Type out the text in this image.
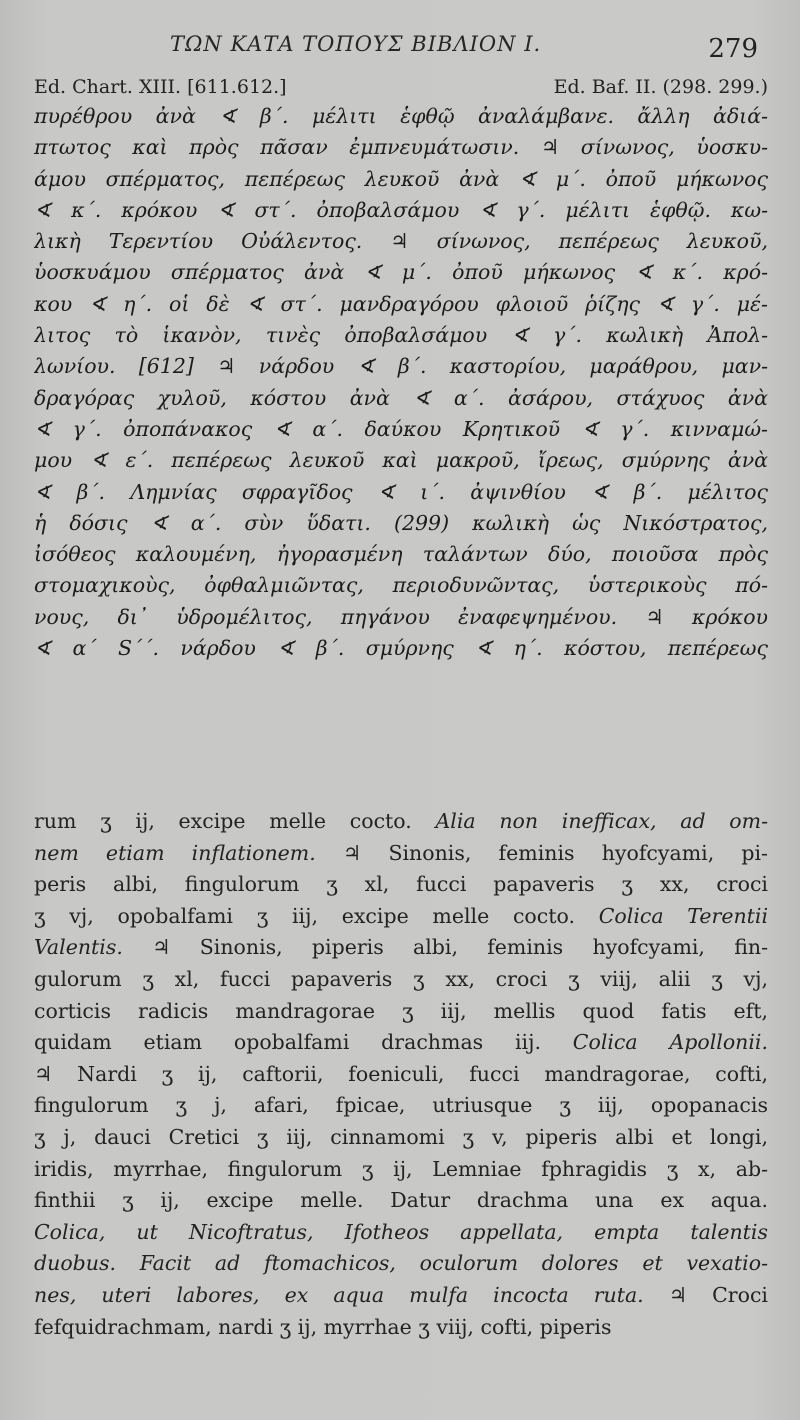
ΤΩΝ ΚΑΤΑ ΤΟΠΟΥΣ ΒΙΒΛΙΟΝ Ι.	279
Ed. Chart. XIII. [611.612.]	Ed. Baf. II. (298. 299.)
πυρέθρου ἀνὰ ∢ β΄. μέλιτι ἑφθῷ ἀναλάμβανε. ἄλλη ἀδιά-
πτωτος καὶ πρὸς πᾶσαν ἐμπνευμάτωσιν. ♃ σίνωνος, ὑοσκυ-
άμου σπέρματος, πεπέρεως λευκοῦ ἀνὰ ∢ μ΄. ὀποῦ μήκωνος
∢ κ΄. κρόκου ∢ στ΄. ὀποβαλσάμου ∢ γ΄. μέλιτι ἑφθῷ. κω-
λικὴ Τερεντίου Οὐάλεντος. ♃ σίνωνος, πεπέρεως λευκοῦ,
ὑοσκυάμου σπέρματος ἀνὰ ∢ μ΄. ὀποῦ μήκωνος ∢ κ΄. κρό-
κου ∢ η΄. οἱ δὲ ∢ στ΄. μανδραγόρου φλοιοῦ ῥίζης ∢ γ΄. μέ-
λιτος τὸ ἱκανὸν, τινὲς ὀποβαλσάμου ∢ γ΄. κωλικὴ Ἀπολ-
λωνίου. [612] ♃ νάρδου ∢ β΄. καστορίου, μαράθρου, μαν-
δραγόρας χυλοῦ, κόστου ἀνὰ ∢ α΄. ἀσάρου, στάχυος ἀνὰ
∢ γ΄. ὀποπάνακος ∢ α΄. δαύκου Κρητικοῦ ∢ γ΄. κινναμώ-
μου ∢ ε΄. πεπέρεως λευκοῦ καὶ μακροῦ, ἴρεως, σμύρνης ἀνὰ
∢ β΄. Λημνίας σφραγῖδος ∢ ι΄. ἀψινθίου ∢ β΄. μέλιτος
ἡ δόσις ∢ α΄. σὺν ὕδατι. (299) κωλικὴ ὡς Νικόστρατος,
ἰσόθεος καλουμένη, ἠγορασμένη ταλάντων δύο, ποιοῦσα πρὸς
στομαχικοὺς, ὀφθαλμιῶντας, περιοδυνῶντας, ὑστερικοὺς πό-
νους, δι᾽ ὑδρομέλιτος, πηγάνου ἐναφεψημένου. ♃ κρόκου
∢ α΄ S΄΄. νάρδου ∢ β΄. σμύρνης ∢ η΄. κόστου, πεπέρεως
rum ʒ ij, excipe melle cocto. Alia non inefficax, ad om-
nem etiam inflationem. ♃ Sinonis, feminis hyofcyami, pi-
peris albi, fingulorum ʒ xl, fucci papaveris ʒ xx, croci
ʒ vj, opobalfami ʒ iij, excipe melle cocto. Colica Terentii
Valentis. ♃ Sinonis, piperis albi, feminis hyofcyami, fin-
gulorum ʒ xl, fucci papaveris ʒ xx, croci ʒ viij, alii ʒ vj,
corticis radicis mandragorae ʒ iij, mellis quod fatis eft,
quidam etiam opobalfami drachmas iij. Colica Apollonii.
♃ Nardi ʒ ij, caftorii, foeniculi, fucci mandragorae, cofti,
fingulorum ʒ j, afari, fpicae, utriusque ʒ iij, opopanacis
ʒ j, dauci Cretici ʒ iij, cinnamomi ʒ v, piperis albi et longi,
iridis, myrrhae, fingulorum ʒ ij, Lemniae fphragidis ʒ x, ab-
finthii ʒ ij, excipe melle. Datur drachma una ex aqua.
Colica, ut Nicoftratus, Ifotheos appellata, empta talentis
duobus. Facit ad ftomachicos, oculorum dolores et vexatio-
nes, uteri labores, ex aqua mulfa incocta ruta. ♃ Croci
fefquidrachmam, nardi ʒ ij, myrrhae ʒ viij, cofti, piperis
